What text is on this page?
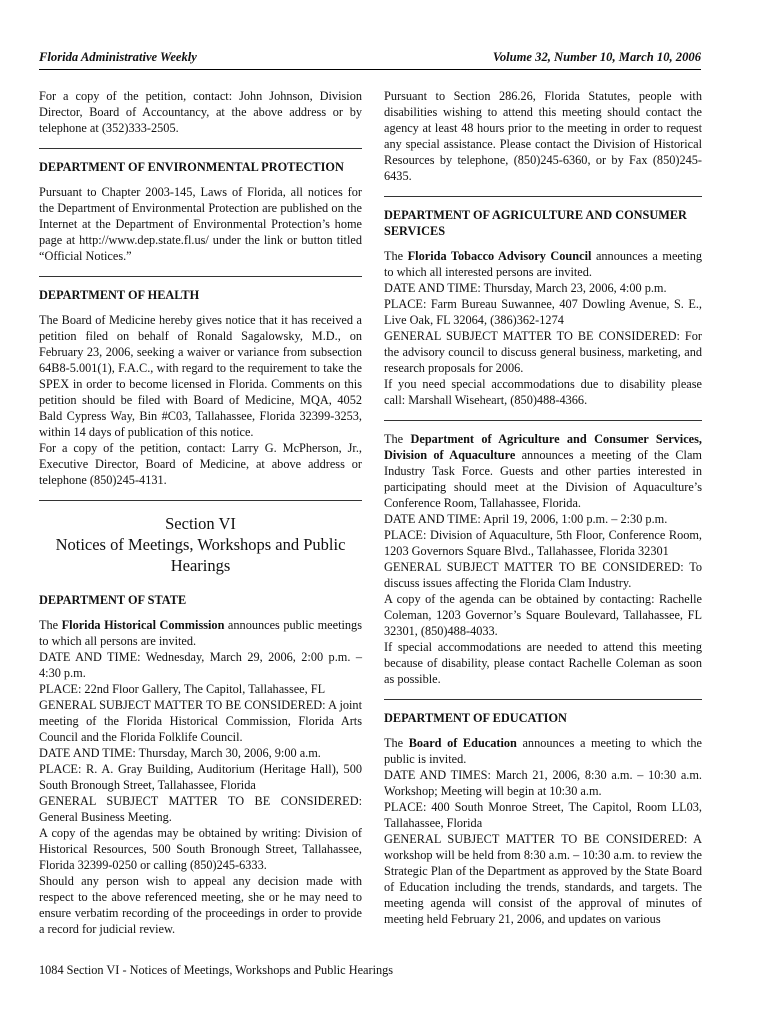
Florida Administrative Weekly	Volume 32, Number 10, March 10, 2006

For a copy of the petition, contact: John Johnson, Division Director, Board of Accountancy, at the above address or by telephone at (352)333-2505.

DEPARTMENT OF ENVIRONMENTAL PROTECTION

Pursuant to Chapter 2003-145, Laws of Florida, all notices for the Department of Environmental Protection are published on the Internet at the Department of Environmental Protection’s home page at http://www.dep.state.fl.us/ under the link or button titled “Official Notices.”

DEPARTMENT OF HEALTH

The Board of Medicine hereby gives notice that it has received a petition filed on behalf of Ronald Sagalowsky, M.D., on February 23, 2006, seeking a waiver or variance from subsection 64B8-5.001(1), F.A.C., with regard to the requirement to take the SPEX in order to become licensed in Florida. Comments on this petition should be filed with Board of Medicine, MQA, 4052 Bald Cypress Way, Bin #C03, Tallahassee, Florida 32399-3253, within 14 days of publication of this notice.

For a copy of the petition, contact: Larry G. McPherson, Jr., Executive Director, Board of Medicine, at above address or telephone (850)245-4131.

Section VI
Notices of Meetings, Workshops and Public
Hearings
DEPARTMENT OF STATE

The Florida Historical Commission announces public meetings to which all persons are invited.

DATE AND TIME: Wednesday, March 29, 2006, 2:00 p.m. – 4:30 p.m.

PLACE: 22nd Floor Gallery, The Capitol, Tallahassee, FL

GENERAL SUBJECT MATTER TO BE CONSIDERED: A joint meeting of the Florida Historical Commission, Florida Arts Council and the Florida Folklife Council.

DATE AND TIME: Thursday, March 30, 2006, 9:00 a.m.

PLACE: R. A. Gray Building, Auditorium (Heritage Hall), 500 South Bronough Street, Tallahassee, Florida

GENERAL SUBJECT MATTER TO BE CONSIDERED: General Business Meeting.

A copy of the agendas may be obtained by writing: Division of Historical Resources, 500 South Bronough Street, Tallahassee, Florida 32399-0250 or calling (850)245-6333.

Should any person wish to appeal any decision made with respect to the above referenced meeting, she or he may need to ensure verbatim recording of the proceedings in order to provide a record for judicial review.

Pursuant to Section 286.26, Florida Statutes, people with disabilities wishing to attend this meeting should contact the agency at least 48 hours prior to the meeting in order to request any special assistance. Please contact the Division of Historical Resources by telephone, (850)245-6360, or by Fax (850)245-6435.

DEPARTMENT OF AGRICULTURE AND CONSUMER SERVICES

The Florida Tobacco Advisory Council announces a meeting to which all interested persons are invited.

DATE AND TIME: Thursday, March 23, 2006, 4:00 p.m.

PLACE: Farm Bureau Suwannee, 407 Dowling Avenue, S. E., Live Oak, FL 32064, (386)362-1274

GENERAL SUBJECT MATTER TO BE CONSIDERED: For the advisory council to discuss general business, marketing, and research proposals for 2006.

If you need special accommodations due to disability please call: Marshall Wiseheart, (850)488-4366.

The Department of Agriculture and Consumer Services, Division of Aquaculture announces a meeting of the Clam Industry Task Force. Guests and other parties interested in participating should meet at the Division of Aquaculture’s Conference Room, Tallahassee, Florida.

DATE AND TIME: April 19, 2006, 1:00 p.m. – 2:30 p.m.

PLACE: Division of Aquaculture, 5th Floor, Conference Room, 1203 Governors Square Blvd., Tallahassee, Florida 32301

GENERAL SUBJECT MATTER TO BE CONSIDERED: To discuss issues affecting the Florida Clam Industry.

A copy of the agenda can be obtained by contacting: Rachelle Coleman, 1203 Governor’s Square Boulevard, Tallahassee, FL 32301, (850)488-4033.

If special accommodations are needed to attend this meeting because of disability, please contact Rachelle Coleman as soon as possible.

DEPARTMENT OF EDUCATION

The Board of Education announces a meeting to which the public is invited.

DATE AND TIMES: March 21, 2006, 8:30 a.m. – 10:30 a.m. Workshop; Meeting will begin at 10:30 a.m.

PLACE: 400 South Monroe Street, The Capitol, Room LL03, Tallahassee, Florida

GENERAL SUBJECT MATTER TO BE CONSIDERED: A workshop will be held from 8:30 a.m. – 10:30 a.m. to review the Strategic Plan of the Department as approved by the State Board of Education including the trends, standards, and targets. The meeting agenda will consist of the approval of minutes of meeting held February 21, 2006, and updates on various

1084 Section VI - Notices of Meetings, Workshops and Public Hearings
